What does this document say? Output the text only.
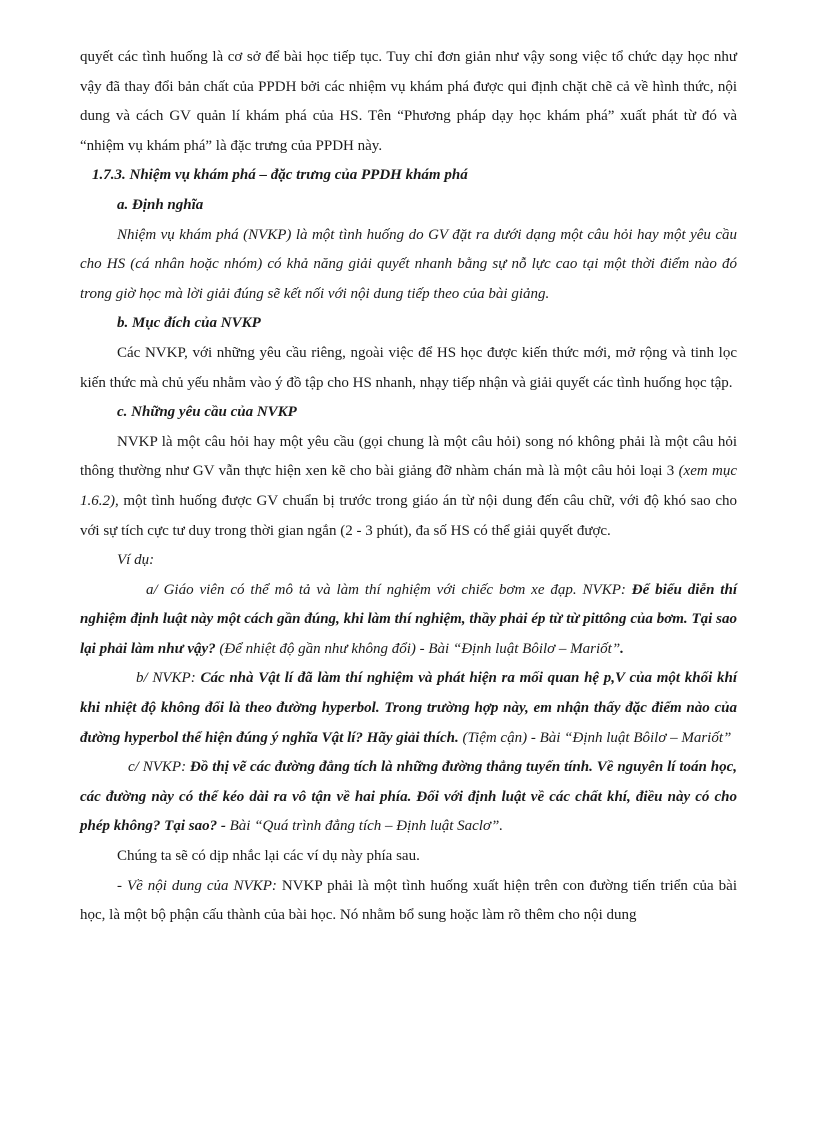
quyết các tình huống là cơ sở để bài học tiếp tục. Tuy chỉ đơn giản như vậy song việc tổ chức dạy học như vậy đã thay đổi bản chất của PPDH bởi các nhiệm vụ khám phá được qui định chặt chẽ cả về hình thức, nội dung và cách GV quản lí khám phá của HS. Tên “Phương pháp dạy học khám phá” xuất phát từ đó và “nhiệm vụ khám phá” là đặc trưng của PPDH này.

1.7.3. Nhiệm vụ khám phá – đặc trưng của PPDH khám phá

a. Định nghĩa

Nhiệm vụ khám phá (NVKP) là một tình huống do GV đặt ra dưới dạng một câu hỏi hay một yêu cầu cho HS (cá nhân hoặc nhóm) có khả năng giải quyết nhanh bằng sự nỗ lực cao tại một thời điểm nào đó trong giờ học mà lời giải đúng sẽ kết nối với nội dung tiếp theo của bài giảng.

b. Mục đích của NVKP

Các NVKP, với những yêu cầu riêng, ngoài việc để HS học được kiến thức mới, mở rộng và tinh lọc kiến thức mà chủ yếu nhằm vào ý đồ tập cho HS nhanh, nhạy tiếp nhận và giải quyết các tình huống học tập.

c. Những yêu cầu của NVKP

NVKP là một câu hỏi hay một yêu cầu (gọi chung là một câu hỏi) song nó không phải là một câu hỏi thông thường như GV vẫn thực hiện xen kẽ cho bài giảng đỡ nhàm chán mà là một câu hỏi loại 3 (xem mục 1.6.2), một tình huống được GV chuẩn bị trước trong giáo án từ nội dung đến câu chữ, với độ khó sao cho với sự tích cực tư duy trong thời gian ngắn (2 - 3 phút), đa số HS có thể giải quyết được.

Ví dụ:

a/ Giáo viên có thể mô tả và làm thí nghiệm với chiếc bơm xe đạp. NVKP: Để biểu diễn thí nghiệm định luật này một cách gần đúng, khi làm thí nghiệm, thầy phải ép từ từ pittông của bơm. Tại sao lại phải làm như vậy? (Để nhiệt độ gần như không đổi) - Bài “Định luật Bôilơ – Mariốt”.

b/ NVKP: Các nhà Vật lí đã làm thí nghiệm và phát hiện ra mối quan hệ p,V của một khối khí khi nhiệt độ không đổi là theo đường hyperbol. Trong trường hợp này, em nhận thấy đặc điểm nào của đường hyperbol thể hiện đúng ý nghĩa Vật lí? Hãy giải thích. (Tiệm cận) - Bài “Định luật Bôilơ – Mariốt”

c/ NVKP: Đồ thị vẽ các đường đẳng tích là những đường thẳng tuyến tính. Về nguyên lí toán học, các đường này có thể kéo dài ra vô tận về hai phía. Đối với định luật về các chất khí, điều này có cho phép không? Tại sao? - Bài “Quá trình đẳng tích – Định luật Saclơ”.

Chúng ta sẽ có dịp nhắc lại các ví dụ này phía sau.

- Về nội dung của NVKP: NVKP phải là một tình huống xuất hiện trên con đường tiến triển của bài học, là một bộ phận cấu thành của bài học. Nó nhằm bổ sung hoặc làm rõ thêm cho nội dung
